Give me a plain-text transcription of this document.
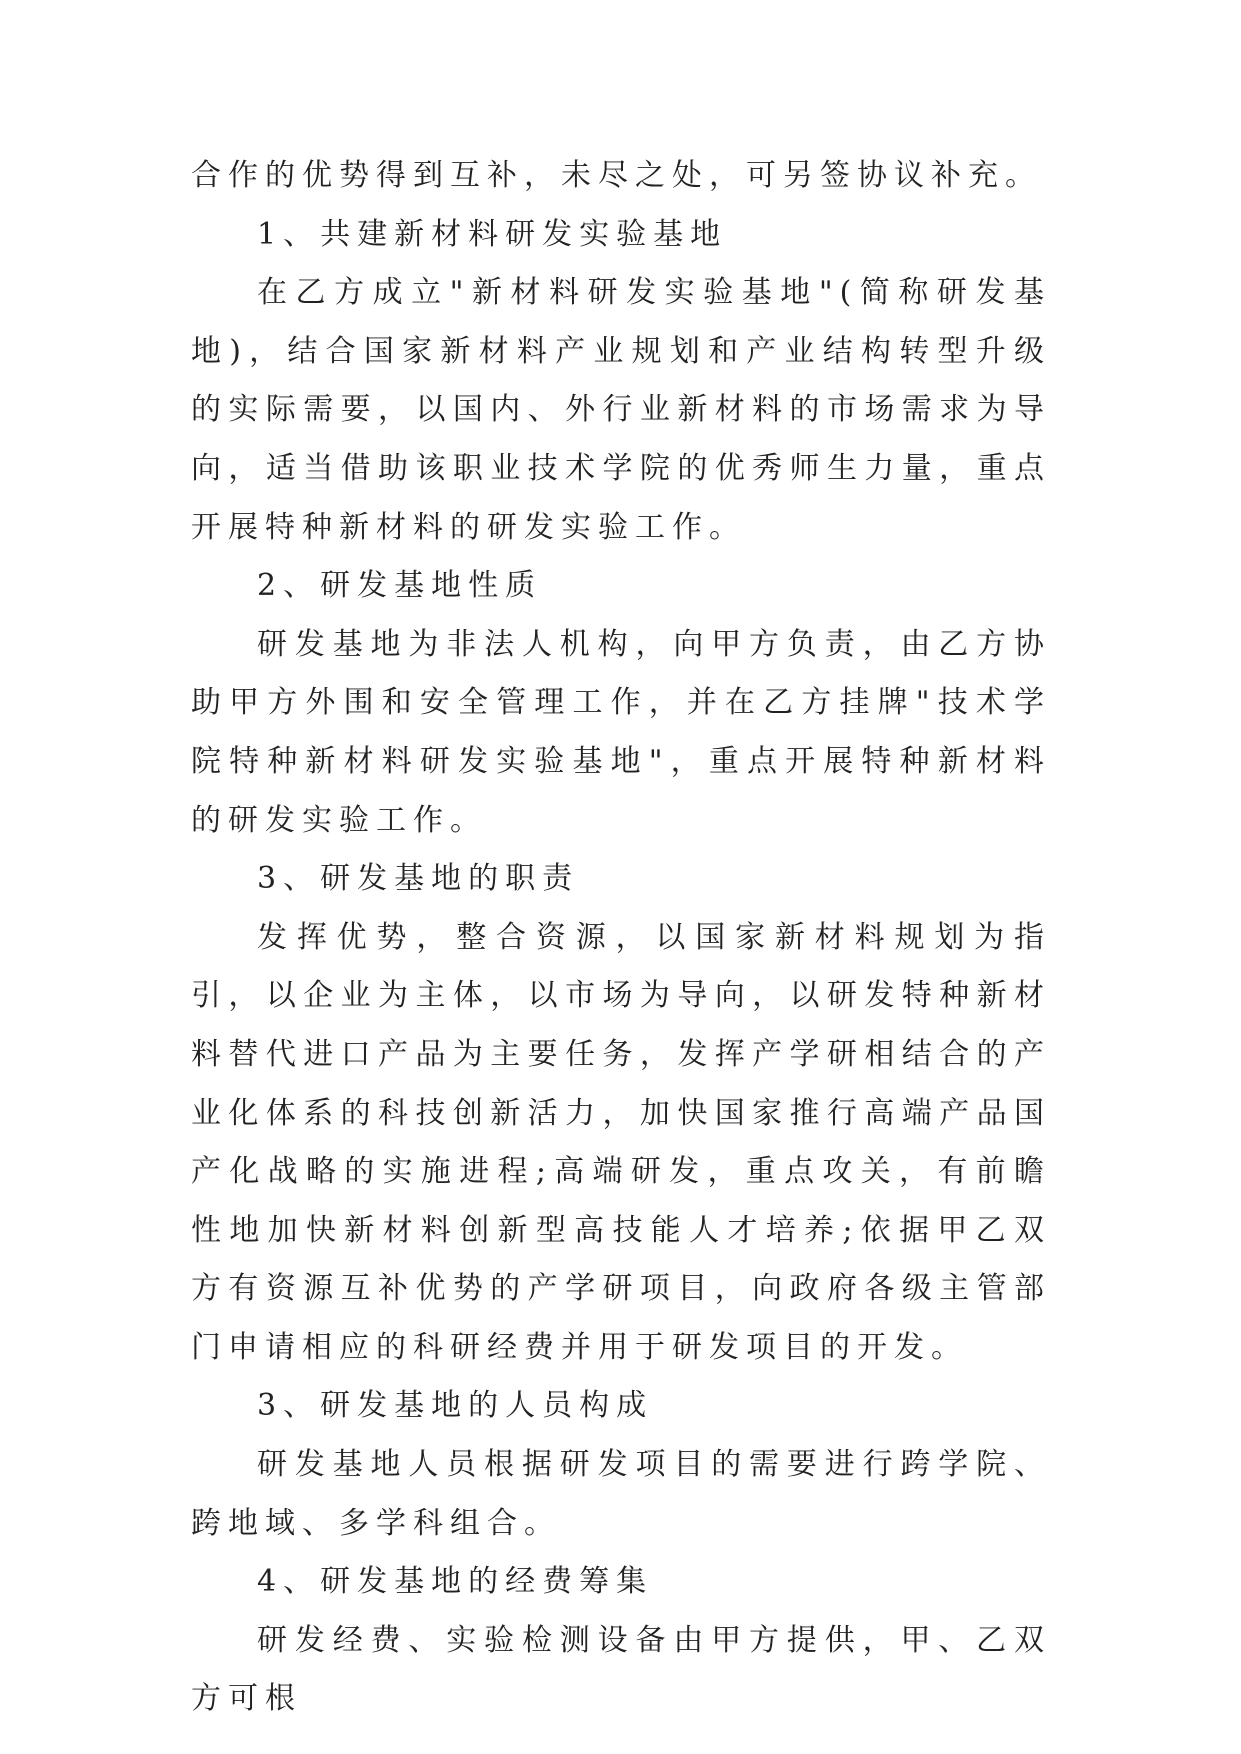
合作的优势得到互补，未尽之处，可另签协议补充。

1、共建新材料研发实验基地

在乙方成立"新材料研发实验基地"(简称研发基地)，结合国家新材料产业规划和产业结构转型升级的实际需要，以国内、外行业新材料的市场需求为导向，适当借助该职业技术学院的优秀师生力量，重点开展特种新材料的研发实验工作。

2、研发基地性质

研发基地为非法人机构，向甲方负责，由乙方协助甲方外围和安全管理工作，并在乙方挂牌"技术学院特种新材料研发实验基地"，重点开展特种新材料的研发实验工作。

3、研发基地的职责

发挥优势，整合资源，以国家新材料规划为指引，以企业为主体，以市场为导向，以研发特种新材料替代进口产品为主要任务，发挥产学研相结合的产业化体系的科技创新活力，加快国家推行高端产品国产化战略的实施进程;高端研发，重点攻关，有前瞻性地加快新材料创新型高技能人才培养;依据甲乙双方有资源互补优势的产学研项目，向政府各级主管部门申请相应的科研经费并用于研发项目的开发。

3、研发基地的人员构成

研发基地人员根据研发项目的需要进行跨学院、跨地域、多学科组合。

4、研发基地的经费筹集

研发经费、实验检测设备由甲方提供，甲、乙双方可根
